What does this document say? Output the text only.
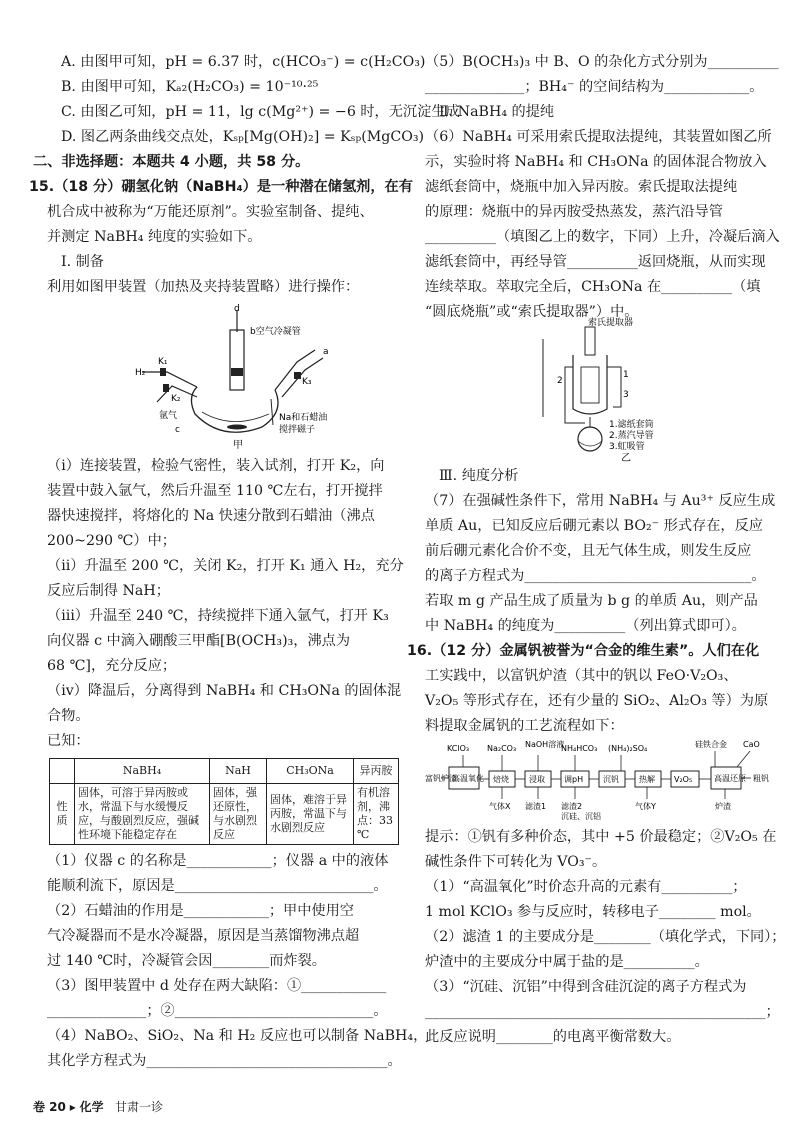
A. 由图甲可知，pH = 6.37 时，c(HCO₃⁻) = c(H₂CO₃)
B. 由图甲可知，Kₐ₂(H₂CO₃) = 10⁻¹⁰·²⁵
C. 由图乙可知，pH = 11，lg c(Mg²⁺) = −6 时，无沉淀生成
D. 图乙两条曲线交点处，Kₛₚ[Mg(OH)₂] = Kₛₚ(MgCO₃)
二、非选择题：本题共 4 小题，共 58 分。
15.（18 分）硼氢化钠（NaBH₄）是一种潜在储氢剂，在有
机合成中被称为“万能还原剂”。实验室制备、提纯、
并测定 NaBH₄ 纯度的实验如下。
Ⅰ. 制备
利用如图甲装置（加热及夹持装置略）进行操作：
d
b空气冷凝管
H₂
K₁
a
K₂
K₃
氩气
c
Na和石蜡油
搅拌磁子
甲
（ⅰ）连接装置，检验气密性，装入试剂，打开 K₂，向
装置中鼓入氩气，然后升温至 110 ℃左右，打开搅拌
器快速搅拌，将熔化的 Na 快速分散到石蜡油（沸点
200~290 ℃）中；
（ⅱ）升温至 200 ℃，关闭 K₂，打开 K₁ 通入 H₂，充分
反应后制得 NaH；
（ⅲ）升温至 240 ℃，持续搅拌下通入氩气，打开 K₃
向仪器 c 中滴入硼酸三甲酯[B(OCH₃)₃，沸点为
68 ℃]，充分反应；
（ⅳ）降温后，分离得到 NaBH₄ 和 CH₃ONa 的固体混
合物。
已知：
	NaBH₄	NaH	CH₃ONa	异丙胺
性质	固体，可溶于异丙胺或水，常温下与水缓慢反应，与酸剧烈反应，强碱性环境下能稳定存在	固体，强还原性，与水剧烈反应	固体，难溶于异丙胺，常温下与水剧烈反应	有机溶剂，沸点：33 ℃
（1）仪器 c 的名称是____________；仪器 a 中的液体
能顺利流下，原因是____________________________。
（2）石蜡油的作用是____________；甲中使用空
气冷凝器而不是水冷凝器，原因是当蒸馏物沸点超
过 140 ℃时，冷凝管会因________而炸裂。
（3）图甲装置中 d 处存在两大缺陷：①____________
______________；②____________________________。
（4）NaBO₂、SiO₂、Na 和 H₂ 反应也可以制备 NaBH₄，
其化学方程式为__________________________________。
（5）B(OCH₃)₃ 中 B、O 的杂化方式分别为__________
______________；BH₄⁻ 的空间结构为____________。
Ⅱ. NaBH₄ 的提纯
（6）NaBH₄ 可采用索氏提取法提纯，其装置如图乙所
示，实验时将 NaBH₄ 和 CH₃ONa 的固体混合物放入
滤纸套筒中，烧瓶中加入异丙胺。索氏提取法提纯
的原理：烧瓶中的异丙胺受热蒸发，蒸汽沿导管
__________（填图乙上的数字，下同）上升，冷凝后滴入
滤纸套筒中，再经导管__________返回烧瓶，从而实现
连续萃取。萃取完全后，CH₃ONa 在__________（填
“圆底烧瓶”或“索氏提取器”）中。
索氏提取器
1
2
3
1.滤纸套筒
2.蒸汽导管
3.虹吸管
乙
Ⅲ. 纯度分析
（7）在强碱性条件下，常用 NaBH₄ 与 Au³⁺ 反应生成
单质 Au，已知反应后硼元素以 BO₂⁻ 形式存在，反应
前后硼元素化合价不变，且无气体生成，则发生反应
的离子方程式为________________________________。
若取 m g 产品生成了质量为 b g 的单质 Au，则产品
中 NaBH₄ 的纯度为__________（列出算式即可）。
16.（12 分）金属钒被誉为“合金的维生素”。人们在化
工实践中，以富钒炉渣（其中的钒以 FeO·V₂O₃、
V₂O₅ 等形式存在，还有少量的 SiO₂、Al₂O₃ 等）为原
料提取金属钒的工艺流程如下：
KClO₃ Na₂CO₃ NaOH溶液
NH₄HCO₃ (NH₄)₂SO₄	硅铁合金 CaO
富钒炉渣
高温氧化 焙烧	浸取 调pH 沉钒	热解 V₂O₅	高温还原 粗钒
气体X 滤渣1 滤渣2
沉硅、沉铝
气体Y	炉渣
提示：①钒有多种价态，其中 +5 价最稳定；②V₂O₅ 在
碱性条件下可转化为 VO₃⁻。
（1）“高温氧化”时价态升高的元素有__________；
1 mol KClO₃ 参与反应时，转移电子________ mol。
（2）滤渣 1 的主要成分是________（填化学式，下同）；
炉渣中的主要成分中属于盐的是__________。
（3）“沉硅、沉铝”中得到含硅沉淀的离子方程式为
________________________________________________；
此反应说明________的电离平衡常数大。
卷 20 ▸ 化学 甘肃一诊
